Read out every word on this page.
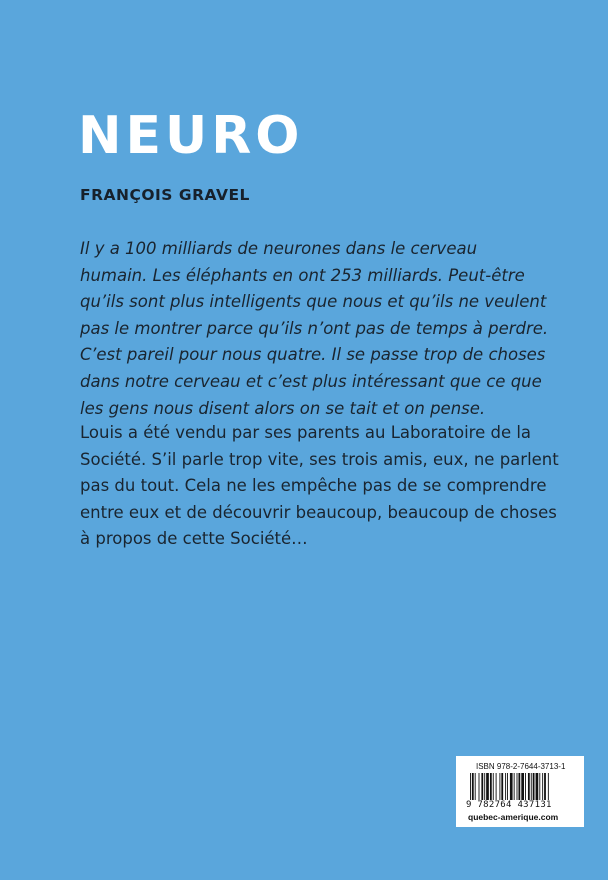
NEURO
FRANÇOIS GRAVEL
Il y a 100 milliards de neurones dans le cerveau
humain. Les éléphants en ont 253 milliards. Peut-être
qu’ils sont plus intelligents que nous et qu’ils ne veulent
pas le montrer parce qu’ils n’ont pas de temps à perdre.
C’est pareil pour nous quatre. Il se passe trop de choses
dans notre cerveau et c’est plus intéressant que ce que
les gens nous disent alors on se tait et on pense.
Louis a été vendu par ses parents au Laboratoire de la
Société. S’il parle trop vite, ses trois amis, eux, ne parlent
pas du tout. Cela ne les empêche pas de se comprendre
entre eux et de découvrir beaucoup, beaucoup de choses
à propos de cette Société…
ISBN 978-2-7644-3713-1
9 782764 437131
quebec-amerique.com
